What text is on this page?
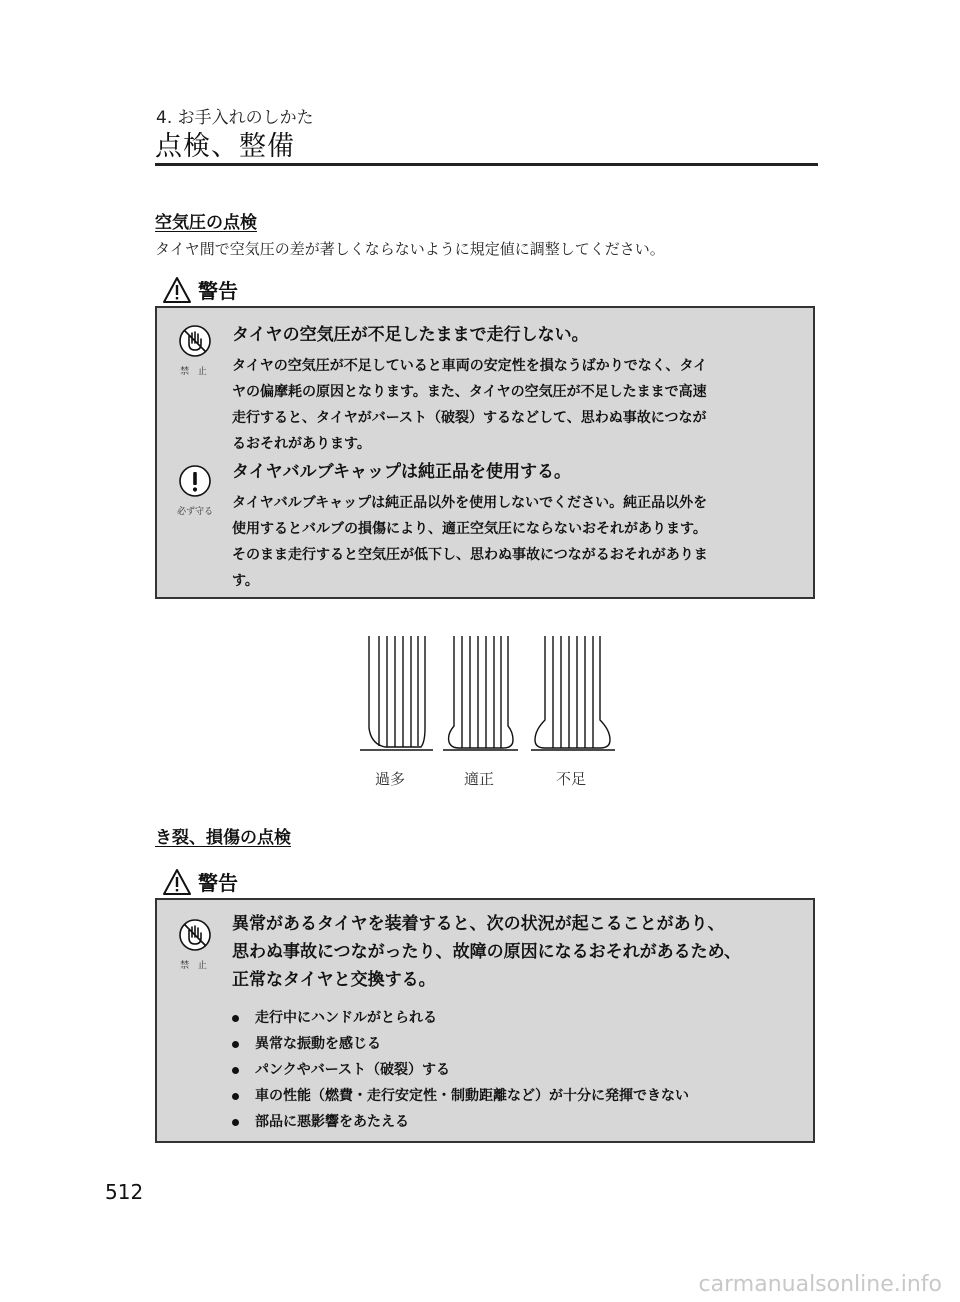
4. お手入れのしかた
点検、整備
空気圧の点検
タイヤ間で空気圧の差が著しくならないように規定値に調整してください。
警告
禁 止
タイヤの空気圧が不足したままで走行しない。
タイヤの空気圧が不足していると車両の安定性を損なうばかりでなく、タイ
ヤの偏摩耗の原因となります。また、タイヤの空気圧が不足したままで高速
走行すると、タイヤがバースト（破裂）するなどして、思わぬ事故につなが
るおそれがあります。
必ず守る
タイヤバルブキャップは純正品を使用する。
タイヤバルブキャップは純正品以外を使用しないでください。純正品以外を
使用するとバルブの損傷により、適正空気圧にならないおそれがあります。
そのまま走行すると空気圧が低下し、思わぬ事故につながるおそれがありま
す。
過多	適正	不足
き裂、損傷の点検
警告
禁 止
異常があるタイヤを装着すると、次の状況が起こることがあり、
思わぬ事故につながったり、故障の原因になるおそれがあるため、
正常なタイヤと交換する。
走行中にハンドルがとられる
異常な振動を感じる
パンクやバースト（破裂）する
車の性能（燃費・走行安定性・制動距離など）が十分に発揮できない
部品に悪影響をあたえる
512
carmanualsonline.info
